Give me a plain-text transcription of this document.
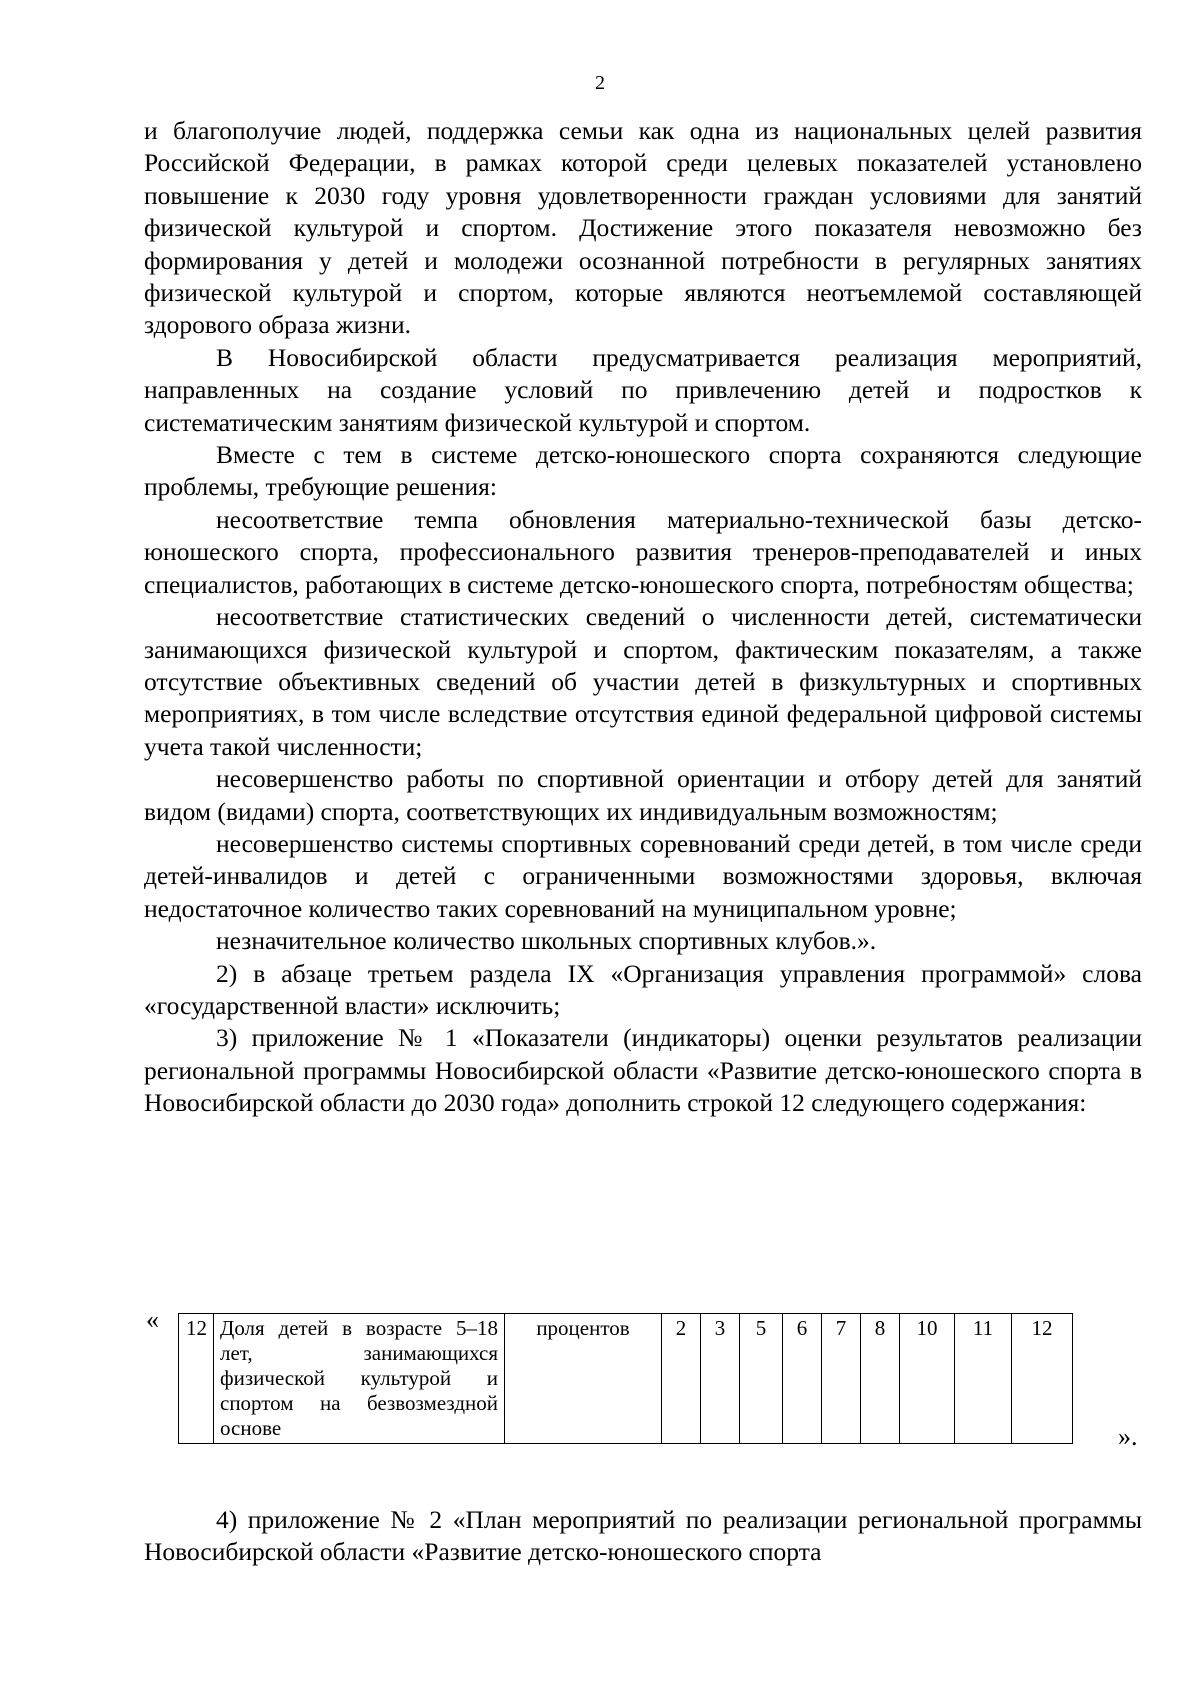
2

и благополучие людей, поддержка семьи как одна из национальных целей развития Российской Федерации, в рамках которой среди целевых показателей установлено повышение к 2030 году уровня удовлетворенности граждан условиями для занятий физической культурой и спортом. Достижение этого показателя невозможно без формирования у детей и молодежи осознанной потребности в регулярных занятиях физической культурой и спортом, которые являются неотъемлемой составляющей здорового образа жизни.

В Новосибирской области предусматривается реализация мероприятий, направленных на создание условий по привлечению детей и подростков к систематическим занятиям физической культурой и спортом.

Вместе с тем в системе детско-юношеского спорта сохраняются следующие проблемы, требующие решения:

несоответствие темпа обновления материально-технической базы детско-юношеского спорта, профессионального развития тренеров-преподавателей и иных специалистов, работающих в системе детско-юношеского спорта, потребностям общества;

несоответствие статистических сведений о численности детей, систематически занимающихся физической культурой и спортом, фактическим показателям, а также отсутствие объективных сведений об участии детей в физкультурных и спортивных мероприятиях, в том числе вследствие отсутствия единой федеральной цифровой системы учета такой численности;

несовершенство работы по спортивной ориентации и отбору детей для занятий видом (видами) спорта, соответствующих их индивидуальным возможностям;

несовершенство системы спортивных соревнований среди детей, в том числе среди детей-инвалидов и детей с ограниченными возможностями здоровья, включая недостаточное количество таких соревнований на муниципальном уровне;

незначительное количество школьных спортивных клубов.».

2) в абзаце третьем раздела IX «Организация управления программой» слова «государственной власти» исключить;

3) приложение № 1 «Показатели (индикаторы) оценки результатов реализации региональной программы Новосибирской области «Развитие детско-юношеского спорта в Новосибирской области до 2030 года» дополнить строкой 12 следующего содержания:

« 12	Доля детей в возрасте 5–18 лет, занимающихся физической культурой и спортом на безвозмездной основе	процентов	2	3	5	6	7	8	10	11	12	
».

4) приложение № 2 «План мероприятий по реализации региональной программы Новосибирской области «Развитие детско-юношеского спорта
